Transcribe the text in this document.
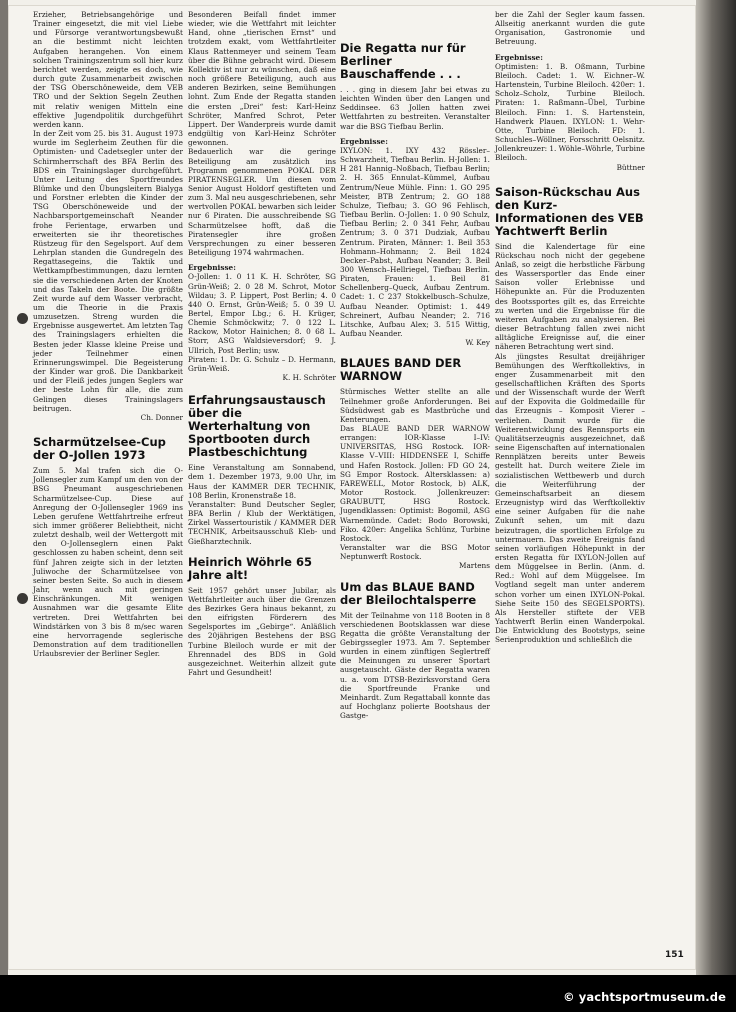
Erzieher, Betriebsangehörige und Trainer eingesetzt, die mit viel Liebe und Fürsorge verantwortungsbewußt an die bestimmt nicht leichten Aufgaben herangehen. Von einem solchen Trainingszentrum soll hier kurz berichtet werden, zeigte es doch, wie durch gute Zusammenarbeit zwischen der TSG Oberschöneweide, dem VEB TRO und der Sektion Segeln Zeuthen mit relativ wenigen Mitteln eine effektive Jugendpolitik durchgeführt werden kann.

In der Zeit vom 25. bis 31. August 1973 wurde im Seglerheim Zeuthen für die Optimisten- und Cadetsegler unter der Schirmherrschaft des BFA Berlin des BDS ein Trainingslager durchgeführt. Unter Leitung des Sportfreundes Blümke und den Übungsleitern Bialyga und Forstner erlebten die Kinder der TSG Oberschöneweide und der Nachbarsportgemeinschaft Neander frohe Ferientage, erwarben und erweiterten sie ihr theoretisches Rüstzeug für den Segelsport. Auf dem Lehrplan standen die Gundregeln des Regattasegeins, die Taktik und Wettkampfbestimmungen, dazu lernten sie die verschiedenen Arten der Knoten und das Takeln der Boote. Die größte Zeit wurde auf dem Wasser verbracht, um die Theorie in die Praxis umzusetzen. Streng wurden die Ergebnisse ausgewertet. Am letzten Tag des Trainingslagers erhielten die Besten jeder Klasse kleine Preise und jeder Teilnehmer einen Erinnerungswimpel. Die Begeisterung der Kinder war groß. Die Dankbarkeit und der Fleiß jedes jungen Seglers war der beste Lohn für alle, die zum Gelingen dieses Trainingslagers beitrugen.

Ch. Donner

Scharmützelsee-Cup der O-Jollen 1973

Zum 5. Mal trafen sich die O-Jollensegler zum Kampf um den von der BSG Pneumant ausgeschriebenen Scharmützelsee-Cup. Diese auf Anregung der O-Jollensegler 1969 ins Leben gerufene Wettfahrtreihe erfreut sich immer größerer Beliebtheit, nicht zuletzt deshalb, weil der Wettergott mit den O-Jollenseglern einen Pakt geschlossen zu haben scheint, denn seit fünf Jahren zeigte sich in der letzten Juliwoche der Scharmützelsee von seiner besten Seite. So auch in diesem Jahr, wenn auch mit geringen Einschränkungen. Mit wenigen Ausnahmen war die gesamte Elite vertreten. Drei Wettfahrten bei Windstärken von 3 bis 8 m/sec waren eine hervorragende seglerische Demonstration auf dem traditionellen Urlaubsrevier der Berliner Segler.

Besonderen Beifall findet immer wieder, wie die Wettfahrt mit leichter Hand, ohne „tierischen Ernst“ und trotzdem exakt, vom Wettfahrtleiter Klaus Rattenmeyer und seinem Team über die Bühne gebracht wird. Diesem Kollektiv ist nur zu wünschen, daß eine noch größere Beteiligung, auch aus anderen Bezirken, seine Bemühungen lohnt. Zum Ende der Regatta standen die ersten „Drei“ fest: Karl-Heinz Schröter, Manfred Schrot, Peter Lippert. Der Wanderpreis wurde damit endgültig von Karl-Heinz Schröter gewonnen.

Bedauerlich war die geringe Beteiligung am zusätzlich ins Programm genommenen POKAL DER PIRATENSEGLER. Um diesen vom Senior August Holdorf gestifteten und zum 3. Mal neu ausgeschriebenen, sehr wertvollen POKAL bewarben sich leider nur 6 Piraten. Die ausschreibende SG Scharmützelsee hofft, daß die Piratensegler ihre großen Versprechungen zu einer besseren Beteiligung 1974 wahrmachen.

Ergebnisse:

O-Jollen: 1. 0 11 K. H. Schröter, SG Grün-Weiß; 2. 0 28 M. Schrot, Motor Wildau; 3. P. Lippert, Post Berlin; 4. 0 440 O. Ernst, Grün-Weiß; 5. 0 39 U. Bertel, Empor Lbg.; 6. H. Krüger, Chemie Schmöckwitz; 7. 0 122 L. Rackow, Motor Hainichen; 8. 0 68 L. Storr, ASG Waldsieversdorf; 9. J. Ullrich, Post Berlin; usw.

Piraten: 1. Dr. G. Schulz – D. Hermann, Grün-Weiß.

K. H. Schröter

Erfahrungsaustausch über die Werterhaltung von Sportbooten durch Plastbeschichtung

Eine Veranstaltung am Sonnabend, dem 1. Dezember 1973, 9.00 Uhr, im Haus der KAMMER DER TECHNIK, 108 Berlin, Kronenstraße 18.

Veranstalter: Bund Deutscher Segler, BFA Berlin / Klub der Werktätigen, Zirkel Wassertouristik / KAMMER DER TECHNIK, Arbeitsausschuß Kleb- und Gießharztechnik.

Heinrich Wöhrle 65 Jahre alt!

Seit 1957 gehört unser Jubilar, als Wettfahrtleiter auch über die Grenzen des Bezirkes Gera hinaus bekannt, zu den eifrigsten Förderern des Segelsportes im „Gebirge“. Anläßlich des 20jährigen Bestehens der BSG Turbine Bleiloch wurde er mit der Ehrennadel des BDS in Gold ausgezeichnet. Weiterhin allzeit gute Fahrt und Gesundheit!

Die Regatta nur für Berliner Bauschaffende . . .

. . . ging in diesem Jahr bei etwas zu leichten Winden über den Langen und Seddinsee. 63 Jollen hatten zwei Wettfahrten zu bestreiten. Veranstalter war die BSG Tiefbau Berlin.

Ergebnisse:

IXYLON: 1. IXY 432 Rössler–Schwarzheit, Tiefbau Berlin. H-Jollen: 1. H 281 Hannig–Noßbach, Tiefbau Berlin; 2. H. 365 Ennulat–Kümmel, Aufbau Zentrum/Neue Mühle. Finn: 1. GO 295 Meister, BTB Zentrum; 2. GO 188 Schulze, Tiefbau; 3. GO 96 Fehlisch, Tiefbau Berlin. O-Jollen: 1. 0 90 Schulz, Tiefbau Berlin; 2. 0 341 Fehr, Aufbau Zentrum; 3. 0 371 Dudziak, Aufbau Zentrum. Piraten, Männer: 1. Beil 353 Hohmann–Hohmann; 2. Beil 1824 Decker–Pabst, Aufbau Neander; 3. Beil 300 Wensch–Hellriegel, Tiefbau Berlin. Piraten, Frauen: 1. Beil 81 Schellenberg–Queck, Aufbau Zentrum. Cadet: 1. C 237 Stokkelbusch–Schulze, Aufbau Neander. Optimist: 1. 449 Schreinert, Aufbau Neander; 2. 716 Litschke, Aufbau Alex; 3. 515 Wittig, Aufbau Neander.

W. Key

BLAUES BAND DER WARNOW

Stürmisches Wetter stellte an alle Teilnehmer große Anforderungen. Bei Südsüdwest gab es Mastbrüche und Kenterungen.

Das BLAUE BAND DER WARNOW errangen: IOR-Klasse I–IV: UNIVERSITAS, HSG Rostock. IOR-Klasse V–VIII: HIDDENSEE I, Schiffe und Hafen Rostock. Jollen: FD GO 24, SG Empor Rostock. Altersklassen: a) FAREWELL, Motor Rostock, b) ALK, Motor Rostock. Jollenkreuzer: GRAUBUTT, HSG Rostock. Jugendklassen: Optimist: Bogomil, ASG Warnemünde. Cadet: Bodo Borowski, Fiko. 420er: Angelika Schlünz, Turbine Rostock.

Veranstalter war die BSG Motor Neptunwerft Rostock.

Martens

Um das BLAUE BAND der Bleilochtalsperre

Mit der Teilnahme von 118 Booten in 8 verschiedenen Bootsklassen war diese Regatta die größte Veranstaltung der Gebirgssegler 1973. Am 7. September wurden in einem zünftigen Seglertreff die Meinungen zu unserer Sportart ausgetauscht. Gäste der Regatta waren u. a. vom DTSB-Bezirksvorstand Gera die Sportfreunde Franke und Meinhardt. Zum Regattaball konnte das auf Hochglanz polierte Bootshaus der Gastge-

ber die Zahl der Segler kaum fassen. Allseitig anerkannt wurden die gute Organisation, Gastronomie und Betreuung.

Ergebnisse:

Optimisten: 1. B. Oßmann, Turbine Bleiloch. Cadet: 1. W. Eichner–W. Hartenstein, Turbine Bleiloch. 420er: 1. Scholz–Scholz, Turbine Bleiloch. Piraten: 1. Raßmann–Übel, Turbine Bleiloch. Finn: 1. S. Hartenstein, Handwerk Plauen. IXYLON: 1. Wehr-Otte, Turbine Bleiloch. FD: 1. Schuchles–Wöllner, Forsschritt Oelsnitz. Jollenkreuzer: 1. Wöhle–Wöhrle, Turbine Bleiloch.

Büttner

Saison-Rückschau Aus den Kurz-Informationen des VEB Yachtwerft Berlin

Sind die Kalendertage für eine Rückschau noch nicht der gegebene Anlaß, so zeigt die herbstliche Färbung des Wassersportler das Ende einer Saison voller Erlebnisse und Höhepunkte an. Für die Produzenten des Bootssportes gilt es, das Erreichte zu werten und die Ergebnisse für die weiteren Aufgaben zu analysieren. Bei dieser Betrachtung fallen zwei nicht alltägliche Ereignisse auf, die einer näheren Betrachtung wert sind.

Als jüngstes Resultat dreijähriger Bemühungen des Werftkollektivs, in enger Zusammenarbeit mit den gesellschaftlichen Kräften des Sports und der Wissenschaft wurde der Werft auf der Expovita die Goldmedaille für das Erzeugnis – Komposit Vierer – verliehen. Damit wurde für die Weiterentwicklung des Rennsports ein Qualitätserzeugnis ausgezeichnet, daß seine Eigenschaften auf internationalen Rennplätzen bereits unter Beweis gestellt hat. Durch weitere Ziele im sozialistischen Wettbewerb und durch die Weiterführung der Gemeinschaftsarbeit an diesem Erzeugnistyp wird das Werftkollektiv eine seiner Aufgaben für die nahe Zukunft sehen, um mit dazu beizutragen, die sportlichen Erfolge zu untermauern. Das zweite Ereignis fand seinen vorläufigen Höhepunkt in der ersten Regatta für IXYLON-Jollen auf dem Müggelsee in Berlin. (Anm. d. Red.: Wohl auf dem Müggelsee. Im Vogtland segelt man unter anderem schon vorher um einen IXYLON-Pokal. Siehe Seite 150 des SEGELSPORTS). Als Hersteller stiftete der VEB Yachtwerft Berlin einen Wanderpokal. Die Entwicklung des Bootstyps, seine Serienproduktion und schließlich die

151
© yachtsportmuseum.de
